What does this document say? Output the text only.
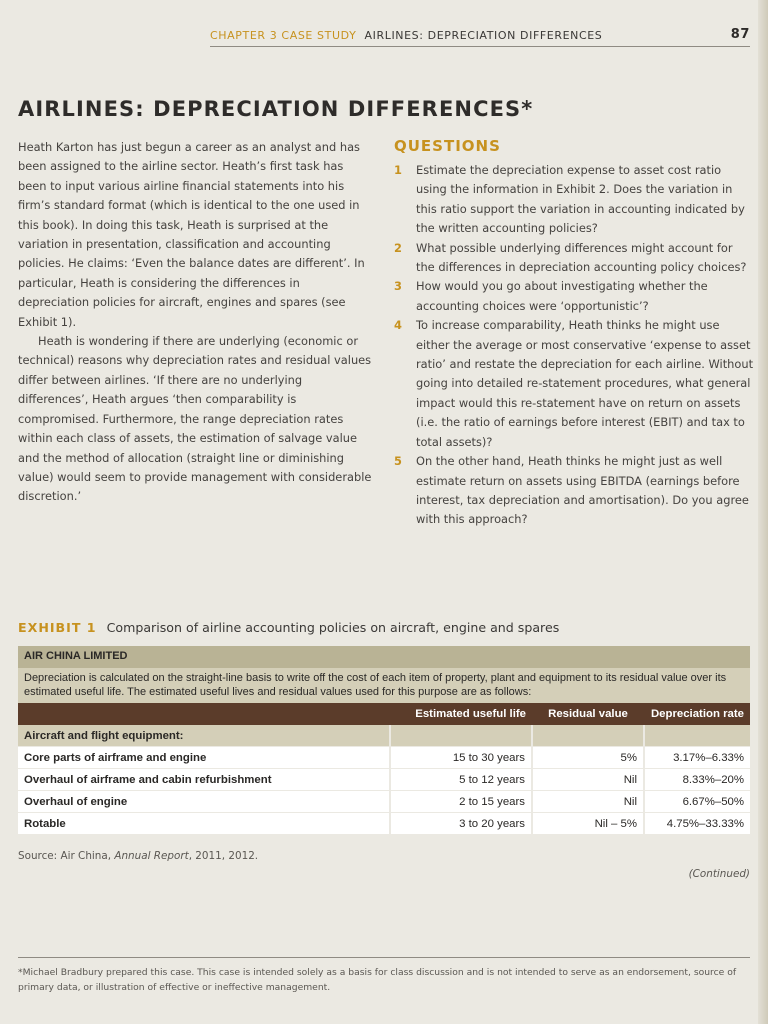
CHAPTER 3 CASE STUDY AIRLINES: DEPRECIATION DIFFERENCES	87
AIRLINES: DEPRECIATION DIFFERENCES*

Heath Karton has just begun a career as an analyst and has been assigned to the airline sector. Heath’s first task has been to input various airline financial statements into his firm’s standard format (which is identical to the one used in this book). In doing this task, Heath is surprised at the variation in presentation, classification and accounting policies. He claims: ‘Even the balance dates are different’. In particular, Heath is considering the differences in depreciation policies for aircraft, engines and spares (see Exhibit 1).

Heath is wondering if there are underlying (economic or technical) reasons why depreciation rates and residual values differ between airlines. ‘If there are no underlying differences’, Heath argues ‘then comparability is compromised. Furthermore, the range depreciation rates within each class of assets, the estimation of salvage value and the method of allocation (straight line or diminishing value) would seem to provide management with considerable discretion.’

QUESTIONS
1 Estimate the depreciation expense to asset cost ratio using the information in Exhibit 2. Does the variation in this ratio support the variation in accounting indicated by the written accounting policies?
2 What possible underlying differences might account for the differences in depreciation accounting policy choices?
3 How would you go about investigating whether the accounting choices were ‘opportunistic’?
4 To increase comparability, Heath thinks he might use either the average or most conservative ‘expense to asset ratio’ and restate the depreciation for each airline. Without going into detailed re-statement procedures, what general impact would this re-statement have on return on assets (i.e. the ratio of earnings before interest (EBIT) and tax to total assets)?
5 On the other hand, Heath thinks he might just as well estimate return on assets using EBITDA (earnings before interest, tax depreciation and amortisation). Do you agree with this approach?
EXHIBIT 1 Comparison of airline accounting policies on aircraft, engine and spares
AIR CHINA LIMITED
Depreciation is calculated on the straight-line basis to write off the cost of each item of property, plant and equipment to its residual value over its estimated useful life. The estimated useful lives and residual values used for this purpose are as follows:
	Estimated useful life	Residual value	Depreciation rate
Aircraft and flight equipment:			
Core parts of airframe and engine	15 to 30 years	5%	3.17%–6.33%
Overhaul of airframe and cabin refurbishment	5 to 12 years	Nil	8.33%–20%
Overhaul of engine	2 to 15 years	Nil	6.67%–50%
Rotable	3 to 20 years	Nil – 5%	4.75%–33.33%
Source: Air China, Annual Report, 2011, 2012.
(Continued)
*Michael Bradbury prepared this case. This case is intended solely as a basis for class discussion and is not intended to serve as an endorsement, source of primary data, or illustration of effective or ineffective management.
